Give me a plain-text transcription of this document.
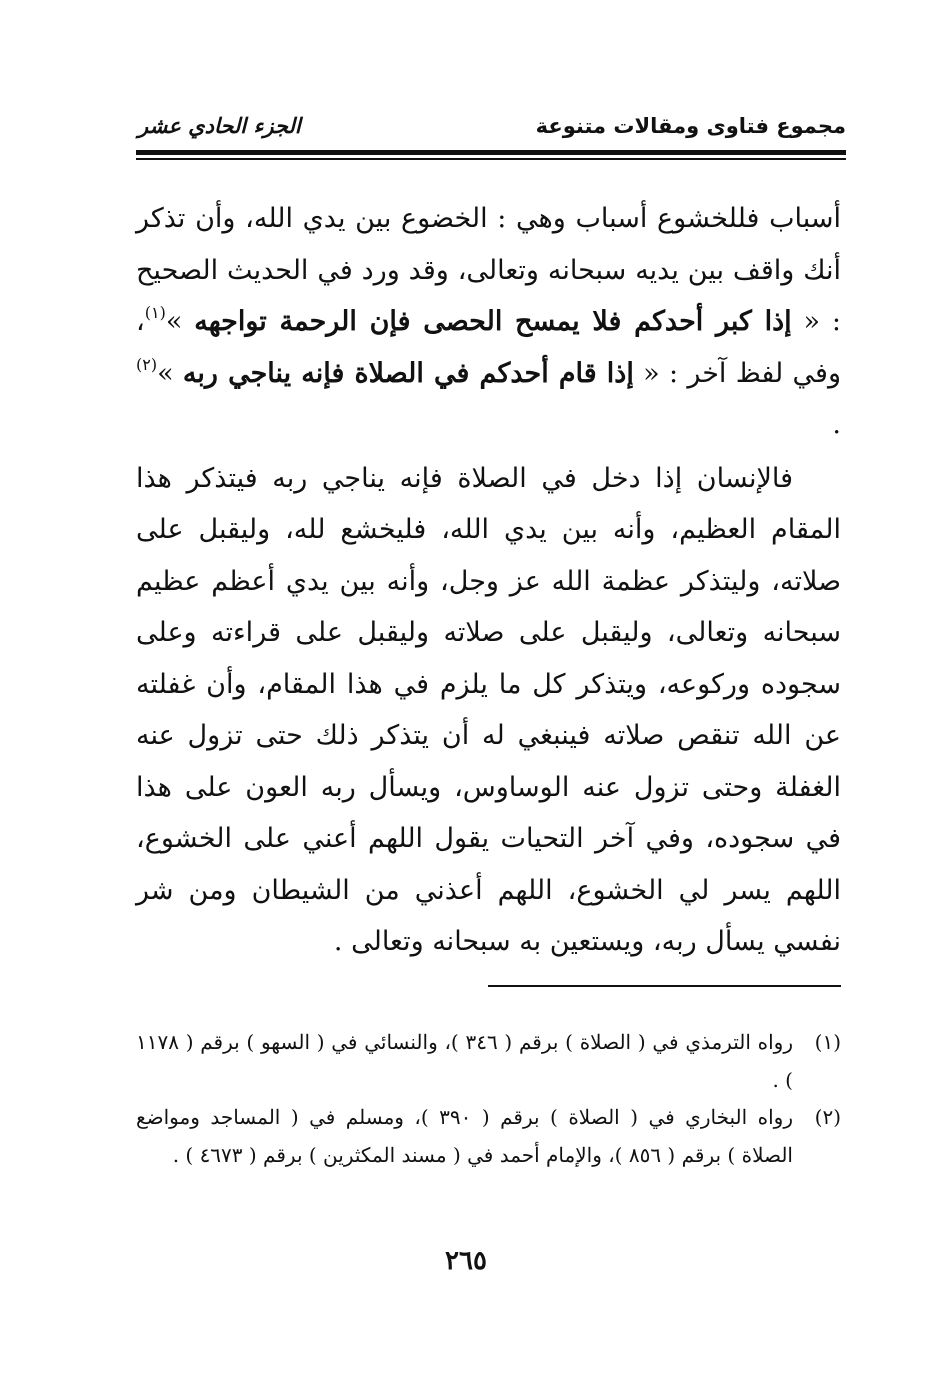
مجموع فتاوى ومقالات متنوعة
الجزء الحادي عشر

أسباب فللخشوع أسباب وهي : الخضوع بين يدي الله، وأن تذكر أنك واقف بين يديه سبحانه وتعالى، وقد ورد في الحديث الصحيح : « إذا كبر أحدكم فلا يمسح الحصى فإن الرحمة تواجهه »$^{(١)}$، وفي لفظ آخر : « إذا قام أحدكم في الصلاة فإنه يناجي ربه »$^{(٢)}$ .

فالإنسان إذا دخل في الصلاة فإنه يناجي ربه فيتذكر هذا المقام العظيم، وأنه بين يدي الله، فليخشع لله، وليقبل على صلاته، وليتذكر عظمة الله عز وجل، وأنه بين يدي أعظم عظيم سبحانه وتعالى، وليقبل على صلاته وليقبل على قراءته وعلى سجوده وركوعه، ويتذكر كل ما يلزم في هذا المقام، وأن غفلته عن الله تنقص صلاته فينبغي له أن يتذكر ذلك حتى تزول عنه الغفلة وحتى تزول عنه الوساوس، ويسأل ربه العون على هذا في سجوده، وفي آخر التحيات يقول اللهم أعني على الخشوع، اللهم يسر لي الخشوع، اللهم أعذني من الشيطان ومن شر نفسي يسأل ربه، ويستعين به سبحانه وتعالى .

(١)
رواه الترمذي في ( الصلاة ) برقم ( ٣٤٦ )، والنسائي في ( السهو ) برقم ( ١١٧٨ ) .
(٢)
رواه البخاري في ( الصلاة ) برقم ( ٣٩٠ )، ومسلم في ( المساجد ومواضع الصلاة ) برقم ( ٨٥٦ )، والإمام أحمد في ( مسند المكثرين ) برقم ( ٤٦٧٣ ) .
٢٦٥
